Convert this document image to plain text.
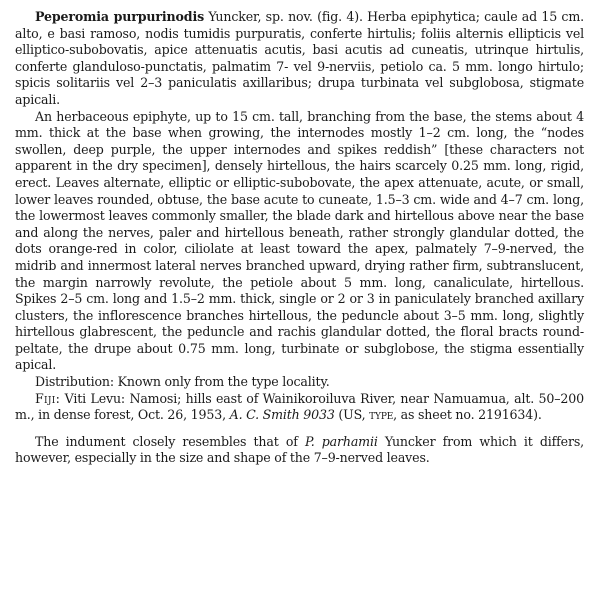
Peperomia purpurinodis Yuncker, sp. nov. (fig. 4). Herba epiphytica; caule ad 15 cm. alto, e basi ramoso, nodis tumidis purpuratis, conferte hirtulis; foliis alternis ellipticis vel elliptico-subobovatis, apice attenuatis acutis, basi acutis ad cuneatis, utrinque hirtulis, conferte glanduloso-punctatis, palmatim 7- vel 9-nerviis, petiolo ca. 5 mm. longo hirtulo; spicis solitariis vel 2–3 paniculatis axillaribus; drupa turbinata vel subglobosa, stigmate apicali.

An herbaceous epiphyte, up to 15 cm. tall, branching from the base, the stems about 4 mm. thick at the base when growing, the internodes mostly 1–2 cm. long, the “nodes swollen, deep purple, the upper internodes and spikes reddish” [these characters not apparent in the dry specimen], densely hirtellous, the hairs scarcely 0.25 mm. long, rigid, erect. Leaves alternate, elliptic or elliptic-subobovate, the apex attenuate, acute, or small, lower leaves rounded, obtuse, the base acute to cuneate, 1.5–3 cm. wide and 4–7 cm. long, the lowermost leaves commonly smaller, the blade dark and hirtellous above near the base and along the nerves, paler and hirtellous beneath, rather strongly glandular dotted, the dots orange-red in color, ciliolate at least toward the apex, palmately 7–9-nerved, the midrib and innermost lateral nerves branched upward, drying rather firm, subtranslucent, the margin narrowly revolute, the petiole about 5 mm. long, canaliculate, hirtellous. Spikes 2–5 cm. long and 1.5–2 mm. thick, single or 2 or 3 in paniculately branched axillary clusters, the inflorescence branches hirtellous, the peduncle about 3–5 mm. long, slightly hirtellous glabrescent, the peduncle and rachis glandular dotted, the floral bracts round-peltate, the drupe about 0.75 mm. long, turbinate or subglobose, the stigma essentially apical.

Distribution: Known only from the type locality.

Fiji: Viti Levu: Namosi; hills east of Wainikoroiluva River, near Namuamua, alt. 50–200 m., in dense forest, Oct. 26, 1953, A. C. Smith 9033 (US, type, as sheet no. 2191634).

The indument closely resembles that of P. parhamii Yuncker from which it differs, however, especially in the size and shape of the 7–9-nerved leaves.
